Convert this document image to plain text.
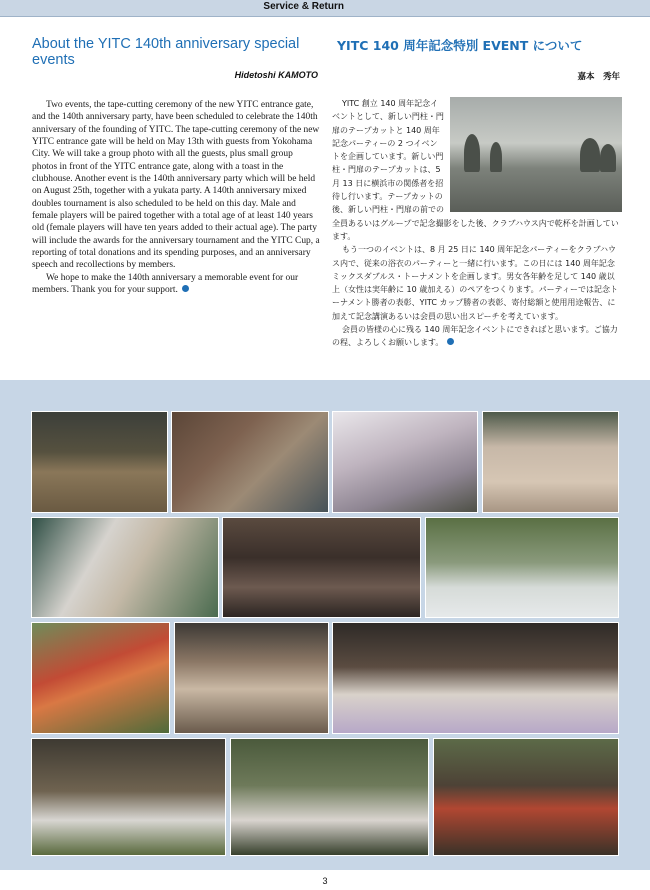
Service & Return
About the YITC 140th anniversary special events
YITC 140 周年記念特別 EVENT について
Hidetoshi KAMOTO	嘉本　秀年

Two events, the tape-cutting ceremony of the new YITC entrance gate, and the 140th anniversary party, have been scheduled to celebrate the 140th anniversary of the founding of YITC. The tape-cutting ceremony of the new YITC entrance gate will be held on May 13th with guests from Yokohama City. We will take a group photo with all the guests, plus small group photos in front of the YITC entrance gate, along with a toast in the clubhouse. Another event is the 140th anniversary party which will be held on August 25th, together with a yukata party. A 140th anniversary mixed doubles tournament is also scheduled to be held on this day. Male and female players will be paired together with a total age of at least 140 years old (female players will have ten years added to their actual age). The party will include the awards for the anniversary tournament and the YITC Cup, a reporting of total donations and its spending purposes, and an anniversary speech and recollections by members.

We hope to make the 140th anniversary a memorable event for our members. Thank you for your support.

YITC 創立 140 周年記念イベントとして、新しい門柱・門扉のテープカットと 140 周年記念パーティーの 2 つイベントを企画しています。新しい門柱・門扉のテープカットは、5 月 13 日に横浜市の関係者を招待し行います。テープカットの後、新しい門柱・門扉の前での全員あるいはグループで記念撮影をした後、クラブハウス内で乾杯を計画しています。

もう一つのイベントは、8 月 25 日に 140 周年記念パーティーをクラブハウス内で、従来の浴衣のパーティーと一緒に行います。この日には 140 周年記念ミックスダブルス・トーナメントを企画します。男女各年齢を足して 140 歳以上（女性は実年齢に 10 歳加える）のペアをつくります。パーティーでは記念トーナメント勝者の表彰、YITC カップ勝者の表彰、寄付総額と使用用途報告、に加えて記念講演あるいは会員の思い出スピーチを考えています。

会員の皆様の心に残る 140 周年記念イベントにできればと思います。ご協力の程、よろしくお願いします。

3
